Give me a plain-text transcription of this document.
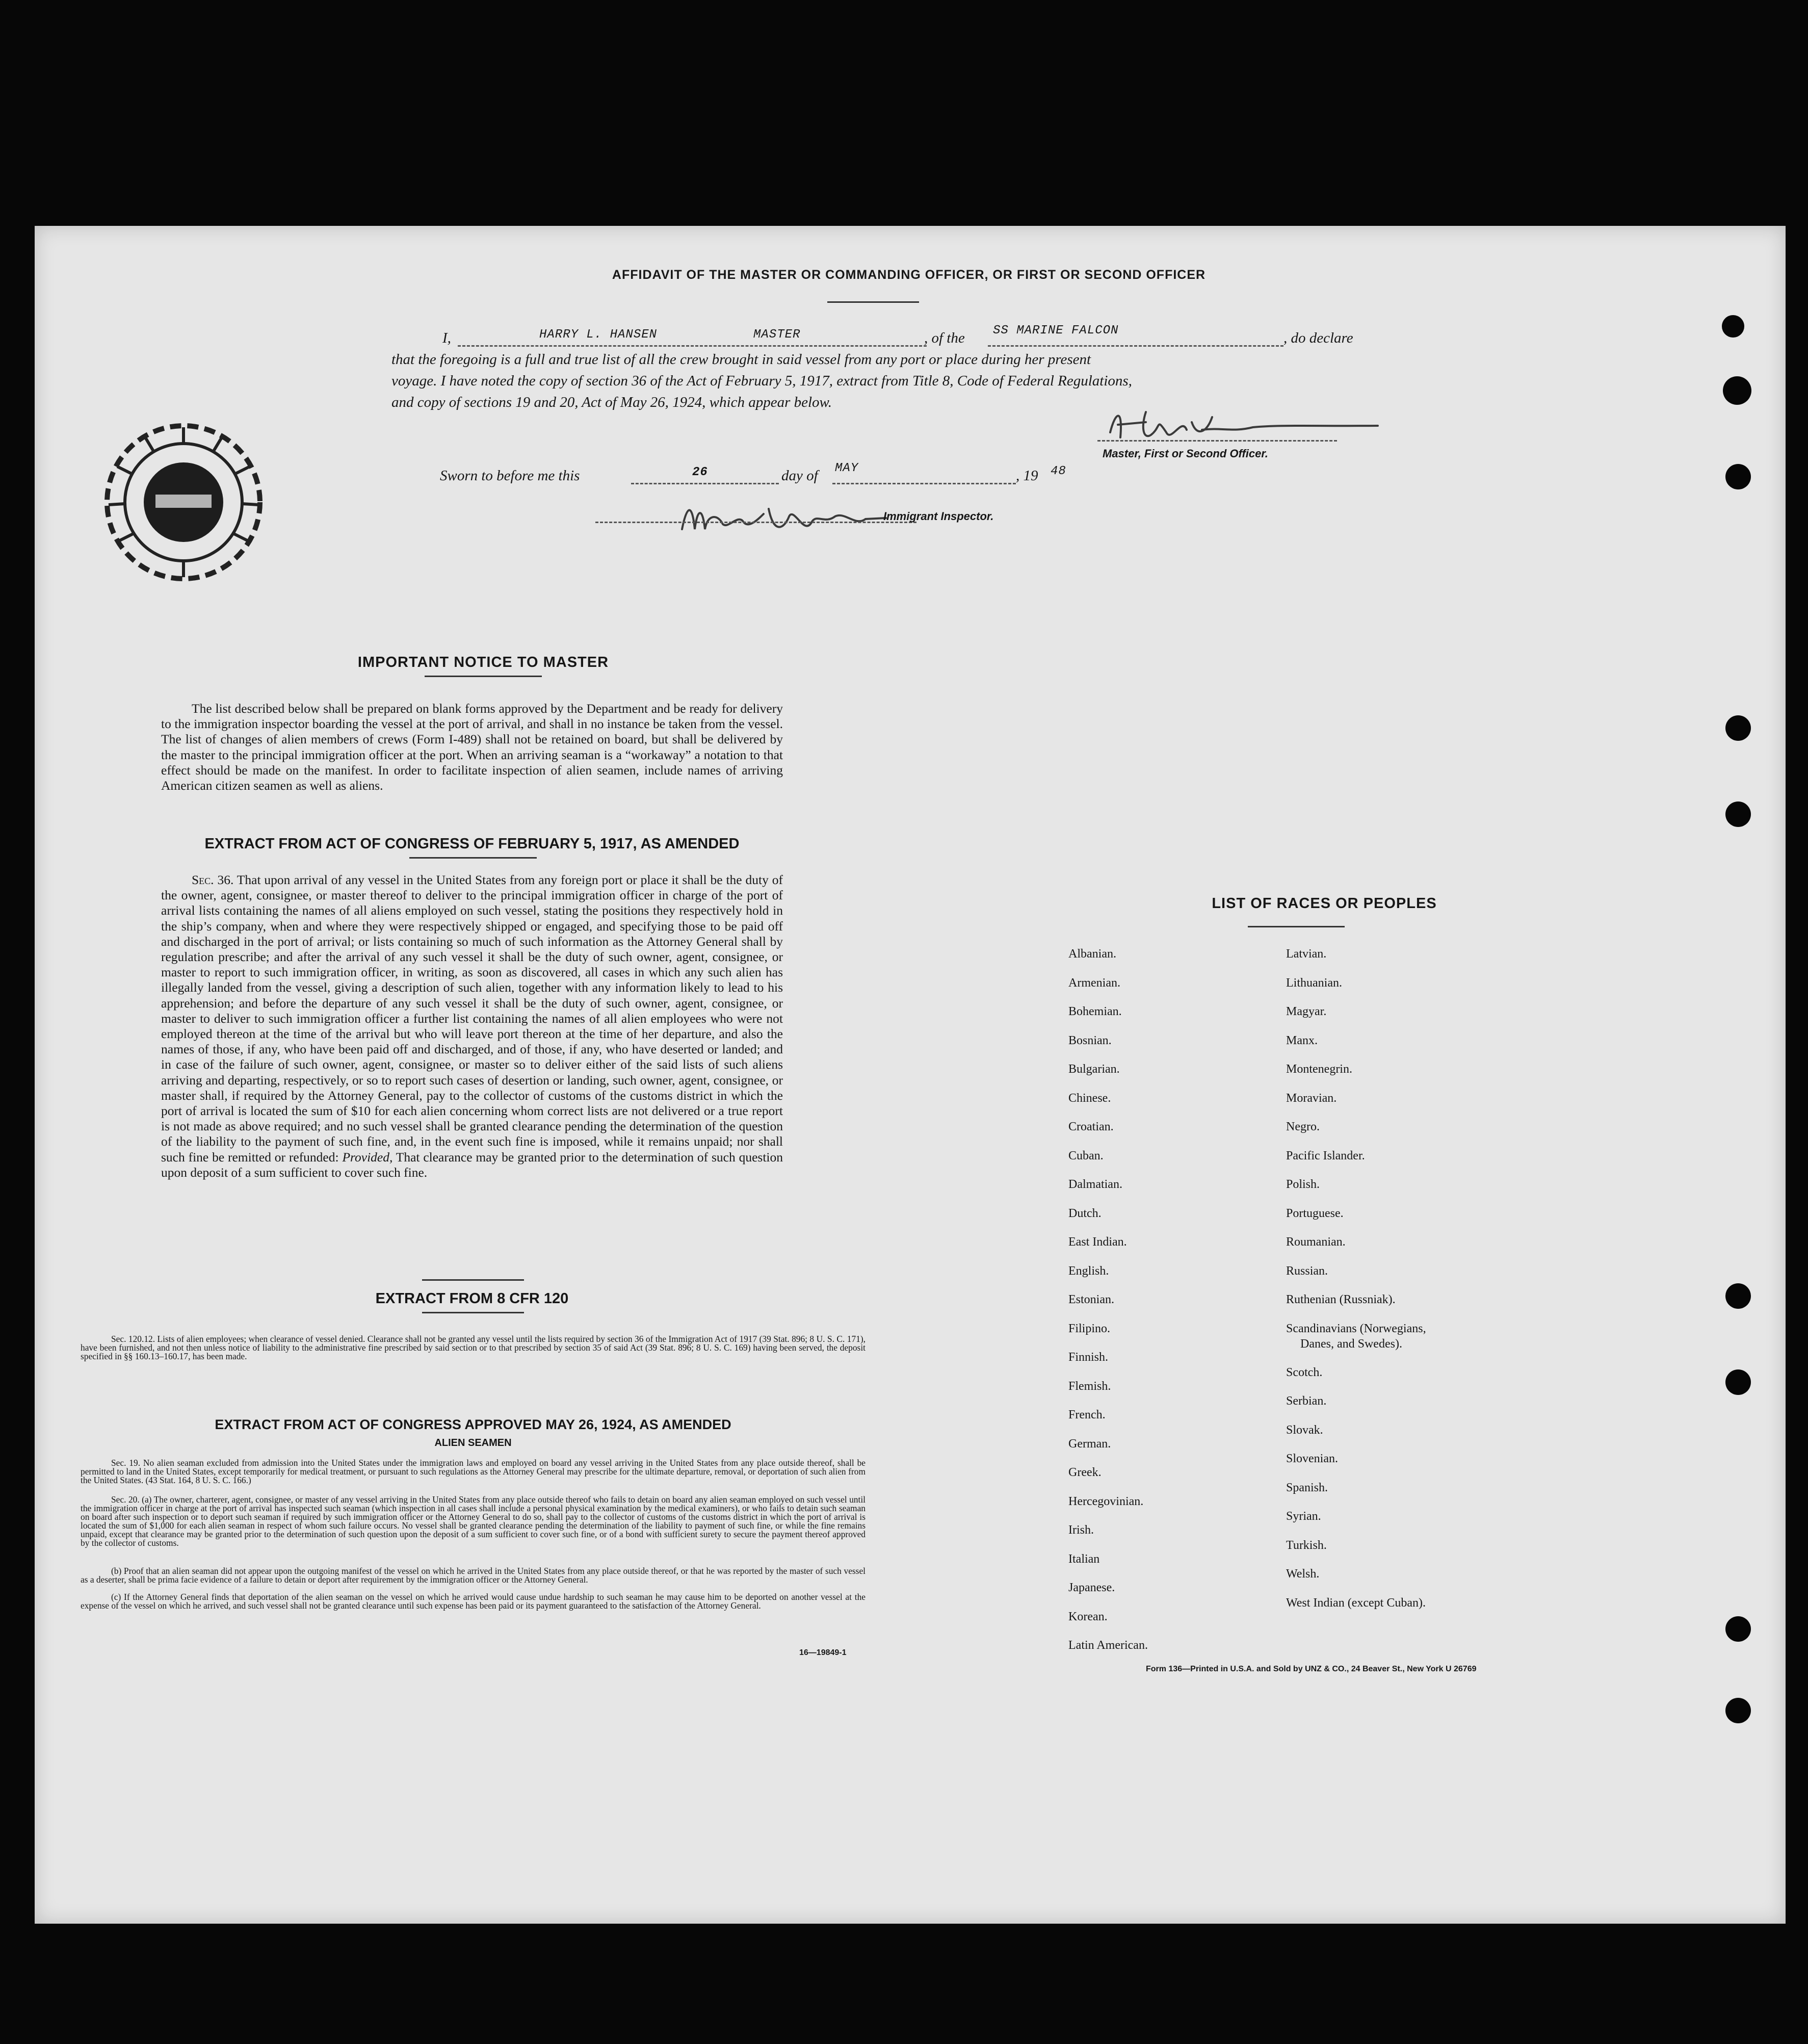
AFFIDAVIT OF THE MASTER OR COMMANDING OFFICER, OR FIRST OR SECOND OFFICER
I,	HARRY L. HANSEN	MASTER	, of the SS MARINE FALCON	, do declare
that the foregoing is a full and true list of all the crew brought in said vessel from any port or place during her present
voyage. I have noted the copy of section 36 of the Act of February 5, 1917, extract from Title 8, Code of Federal Regulations,
and copy of sections 19 and 20, Act of May 26, 1924, which appear below.
Master, First or Second Officer.
Sworn to before me this	26	day of MAY	, 19 48
Immigrant Inspector.
IMPORTANT NOTICE TO MASTER
The list described below shall be prepared on blank forms approved by the Department and be ready for delivery to the immigration inspector boarding the vessel at the port of arrival, and shall in no instance be taken from the vessel. The list of changes of alien members of crews (Form I-489) shall not be retained on board, but shall be delivered by the master to the principal immigration officer at the port. When an arriving seaman is a “workaway” a notation to that effect should be made on the manifest. In order to facilitate inspection of alien seamen, include names of arriving American citizen seamen as well as aliens.
EXTRACT FROM ACT OF CONGRESS OF FEBRUARY 5, 1917, AS AMENDED
Sec. 36. That upon arrival of any vessel in the United States from any foreign port or place it shall be the duty of the owner, agent, consignee, or master thereof to deliver to the principal immigration officer in charge of the port of arrival lists containing the names of all aliens employed on such vessel, stating the positions they respectively hold in the ship’s company, when and where they were respectively shipped or engaged, and specifying those to be paid off and discharged in the port of arrival; or lists containing so much of such information as the Attorney General shall by regulation prescribe; and after the arrival of any such vessel it shall be the duty of such owner, agent, consignee, or master to report to such immigration officer, in writing, as soon as discovered, all cases in which any such alien has illegally landed from the vessel, giving a description of such alien, together with any information likely to lead to his apprehension; and before the departure of any such vessel it shall be the duty of such owner, agent, consignee, or master to deliver to such immigration officer a further list containing the names of all alien employees who were not employed thereon at the time of the arrival but who will leave port thereon at the time of her departure, and also the names of those, if any, who have been paid off and discharged, and of those, if any, who have deserted or landed; and in case of the failure of such owner, agent, consignee, or master so to deliver either of the said lists of such aliens arriving and departing, respectively, or so to report such cases of desertion or landing, such owner, agent, consignee, or master shall, if required by the Attorney General, pay to the collector of customs of the customs district in which the port of arrival is located the sum of $10 for each alien concerning whom correct lists are not delivered or a true report is not made as above required; and no such vessel shall be granted clearance pending the determination of the question of the liability to the payment of such fine, and, in the event such fine is imposed, while it remains unpaid; nor shall such fine be remitted or refunded: Provided, That clearance may be granted prior to the determination of such question upon deposit of a sum sufficient to cover such fine.
EXTRACT FROM 8 CFR 120
Sec. 120.12. Lists of alien employees; when clearance of vessel denied. Clearance shall not be granted any vessel until the lists required by section 36 of the Immigration Act of 1917 (39 Stat. 896; 8 U. S. C. 171), have been furnished, and not then unless notice of liability to the administrative fine prescribed by said section or to that prescribed by section 35 of said Act (39 Stat. 896; 8 U. S. C. 169) having been served, the deposit specified in §§ 160.13–160.17, has been made.
EXTRACT FROM ACT OF CONGRESS APPROVED MAY 26, 1924, AS AMENDED
ALIEN SEAMEN
Sec. 19. No alien seaman excluded from admission into the United States under the immigration laws and employed on board any vessel arriving in the United States from any place outside thereof, shall be permitted to land in the United States, except temporarily for medical treatment, or pursuant to such regulations as the Attorney General may prescribe for the ultimate departure, removal, or deportation of such alien from the United States. (43 Stat. 164, 8 U. S. C. 166.)
Sec. 20. (a) The owner, charterer, agent, consignee, or master of any vessel arriving in the United States from any place outside thereof who fails to detain on board any alien seaman employed on such vessel until the immigration officer in charge at the port of arrival has inspected such seaman (which inspection in all cases shall include a personal physical examination by the medical examiners), or who fails to detain such seaman on board after such inspection or to deport such seaman if required by such immigration officer or the Attorney General to do so, shall pay to the collector of customs of the customs district in which the port of arrival is located the sum of $1,000 for each alien seaman in respect of whom such failure occurs. No vessel shall be granted clearance pending the determination of the liability to payment of such fine, or while the fine remains unpaid, except that clearance may be granted prior to the determination of such question upon the deposit of a sum sufficient to cover such fine, or of a bond with sufficient surety to secure the payment thereof approved by the collector of customs.
(b) Proof that an alien seaman did not appear upon the outgoing manifest of the vessel on which he arrived in the United States from any place outside thereof, or that he was reported by the master of such vessel as a deserter, shall be prima facie evidence of a failure to detain or deport after requirement by the immigration officer or the Attorney General.
(c) If the Attorney General finds that deportation of the alien seaman on the vessel on which he arrived would cause undue hardship to such seaman he may cause him to be deported on another vessel at the expense of the vessel on which he arrived, and such vessel shall not be granted clearance until such expense has been paid or its payment guaranteed to the satisfaction of the Attorney General.
16—19849-1
LIST OF RACES OR PEOPLES
Albanian.
Armenian.
Bohemian.
Bosnian.
Bulgarian.
Chinese.
Croatian.
Cuban.
Dalmatian.
Dutch.
East Indian.
English.
Estonian.
Filipino.
Finnish.
Flemish.
French.
German.
Greek.
Hercegovinian.
Irish.
Italian
Japanese.
Korean.
Latin American.
Latvian.
Lithuanian.
Magyar.
Manx.
Montenegrin.
Moravian.
Negro.
Pacific Islander.
Polish.
Portuguese.
Roumanian.
Russian.
Ruthenian (Russniak).
Scandinavians (Norwegians,
Danes, and Swedes).
Scotch.
Serbian.
Slovak.
Slovenian.
Spanish.
Syrian.
Turkish.
Welsh.
West Indian (except Cuban).
Form 136—Printed in U.S.A. and Sold by UNZ & CO., 24 Beaver St., New York U 26769
